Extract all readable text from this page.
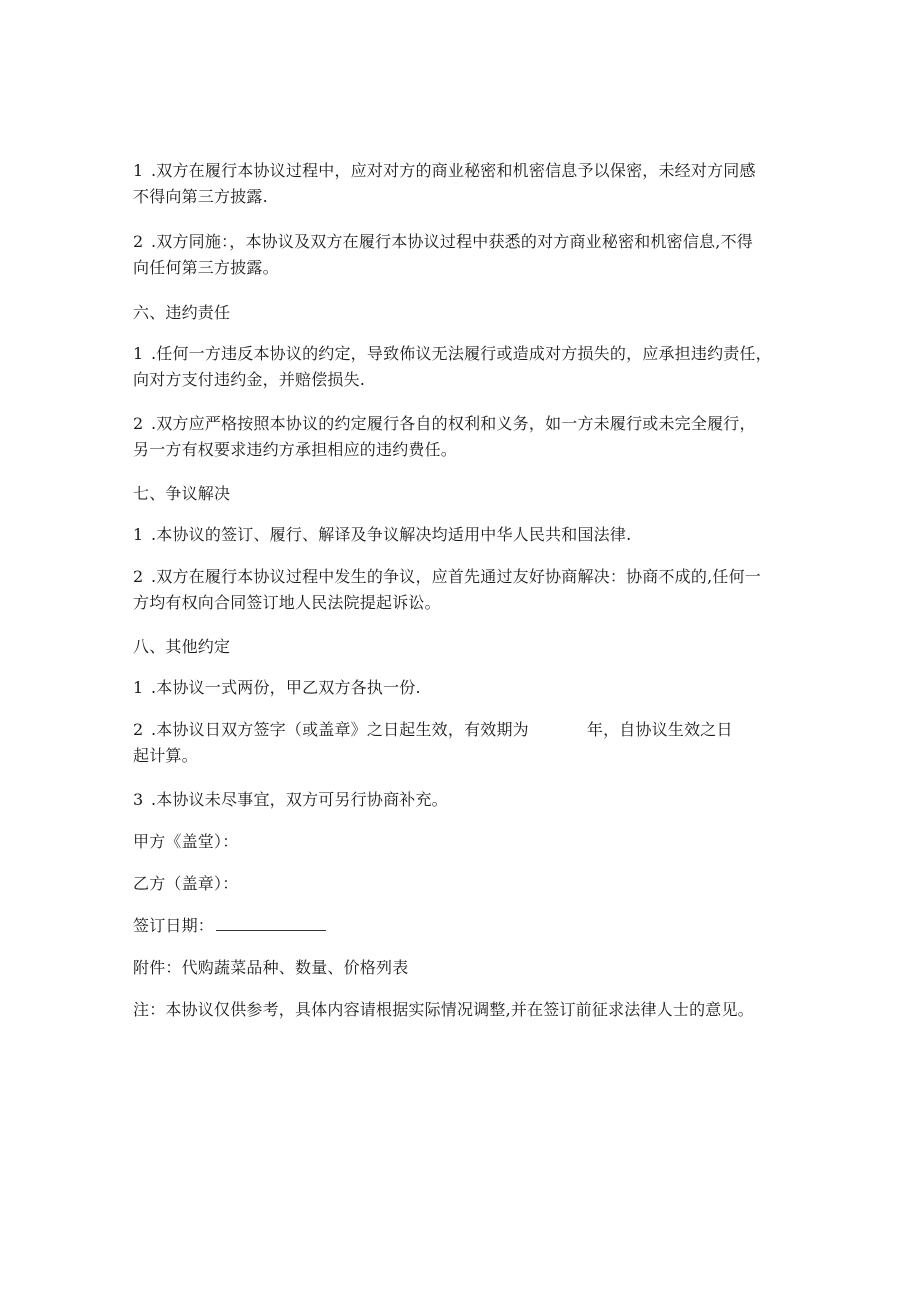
1 .双方在履行本协议过程中，应对对方的商业秘密和机密信息予以保密，未经对方同感
不得向第三方披露.
2 .双方同施：，本协议及双方在履行本协议过程中获悉的对方商业秘密和机密信息,不得
向任何第三方披露。
六、违约责任
1 .任何一方违反本协议的约定，导致佈议无法履行或造成对方损失的，应承担违约责任，
向对方支付违约金，并赔偿损失.
2 .双方应严格按照本协议的约定履行各自的权利和义务，如一方未履行或未完全履行，
另一方有权要求违约方承担相应的违约费任。
七、争议解决
1 .本协议的签订、履行、解译及争议解决均适用中华人民共和国法律.
2 .双方在履行本协议过程中发生的争议，应首先通过友好协商解决：协商不成的,任何一
方均有权向合同签订地人民法院提起诉讼。
八、其他约定
1 .本协议一式两份，甲乙双方各执一份.
2 .本协议日双方签字（或盖章》之日起生效，有效期为	年，自协议生效之日
起计算。
3 .本协议未尽事宜，双方可另行协商补充。
甲方《盖堂）：
乙方（盖章）：
签订日期：
附件：代购蔬菜品种、数量、价格列表
注：本协议仅供参考，具体内容请根据实际情况调整,并在签订前征求法律人士的意见。
